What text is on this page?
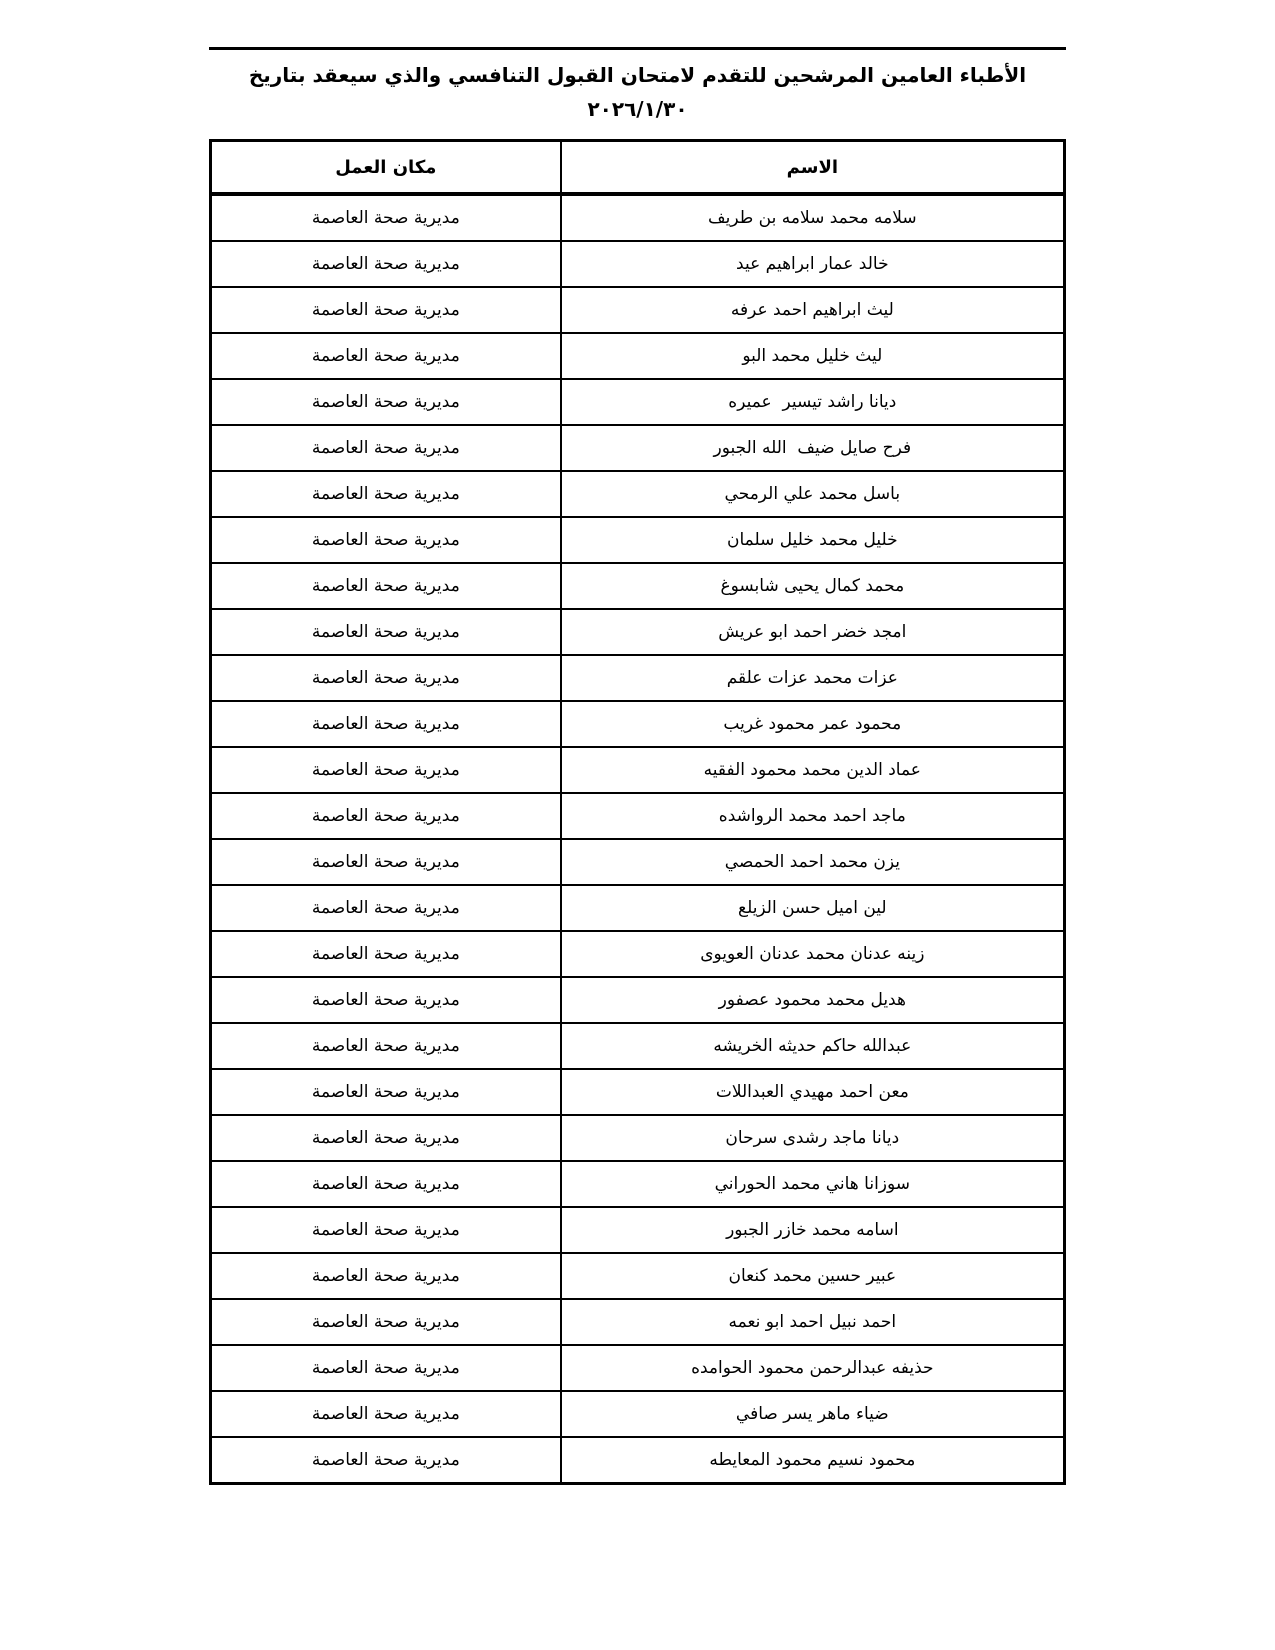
الأطباء العامين المرشحين للتقدم لامتحان القبول التنافسي والذي سيعقد بتاريخ
٢٠٢٦/١/٣٠
الاسم	مكان العمل
سلامه محمد سلامه بن طريف	مديرية صحة العاصمة
خالد عمار ابراهيم عيد	مديرية صحة العاصمة
ليث ابراهيم احمد عرفه	مديرية صحة العاصمة
ليث خليل محمد البو	مديرية صحة العاصمة
ديانا راشد تيسير  عميره	مديرية صحة العاصمة
فرح صايل ضيف  الله الجبور	مديرية صحة العاصمة
باسل محمد علي الرمحي	مديرية صحة العاصمة
خليل محمد خليل سلمان	مديرية صحة العاصمة
محمد كمال يحيى شابسوغ	مديرية صحة العاصمة
امجد خضر احمد ابو عريش	مديرية صحة العاصمة
عزات محمد عزات علقم	مديرية صحة العاصمة
محمود عمر محمود غريب	مديرية صحة العاصمة
عماد الدين محمد محمود الفقيه	مديرية صحة العاصمة
ماجد احمد محمد الرواشده	مديرية صحة العاصمة
يزن محمد احمد الحمصي	مديرية صحة العاصمة
لين اميل حسن الزيلع	مديرية صحة العاصمة
زينه عدنان محمد عدنان العويوى	مديرية صحة العاصمة
هديل محمد محمود عصفور	مديرية صحة العاصمة
عبدالله حاكم حديثه الخريشه	مديرية صحة العاصمة
معن احمد مهيدي العبداللات	مديرية صحة العاصمة
ديانا ماجد رشدى سرحان	مديرية صحة العاصمة
سوزانا هاني محمد الحوراني	مديرية صحة العاصمة
اسامه محمد خازر الجبور	مديرية صحة العاصمة
عبير حسين محمد كنعان	مديرية صحة العاصمة
احمد نبيل احمد ابو نعمه	مديرية صحة العاصمة
حذيفه عبدالرحمن محمود الحوامده	مديرية صحة العاصمة
ضياء ماهر يسر صافي	مديرية صحة العاصمة
محمود نسيم محمود المعايطه	مديرية صحة العاصمة
